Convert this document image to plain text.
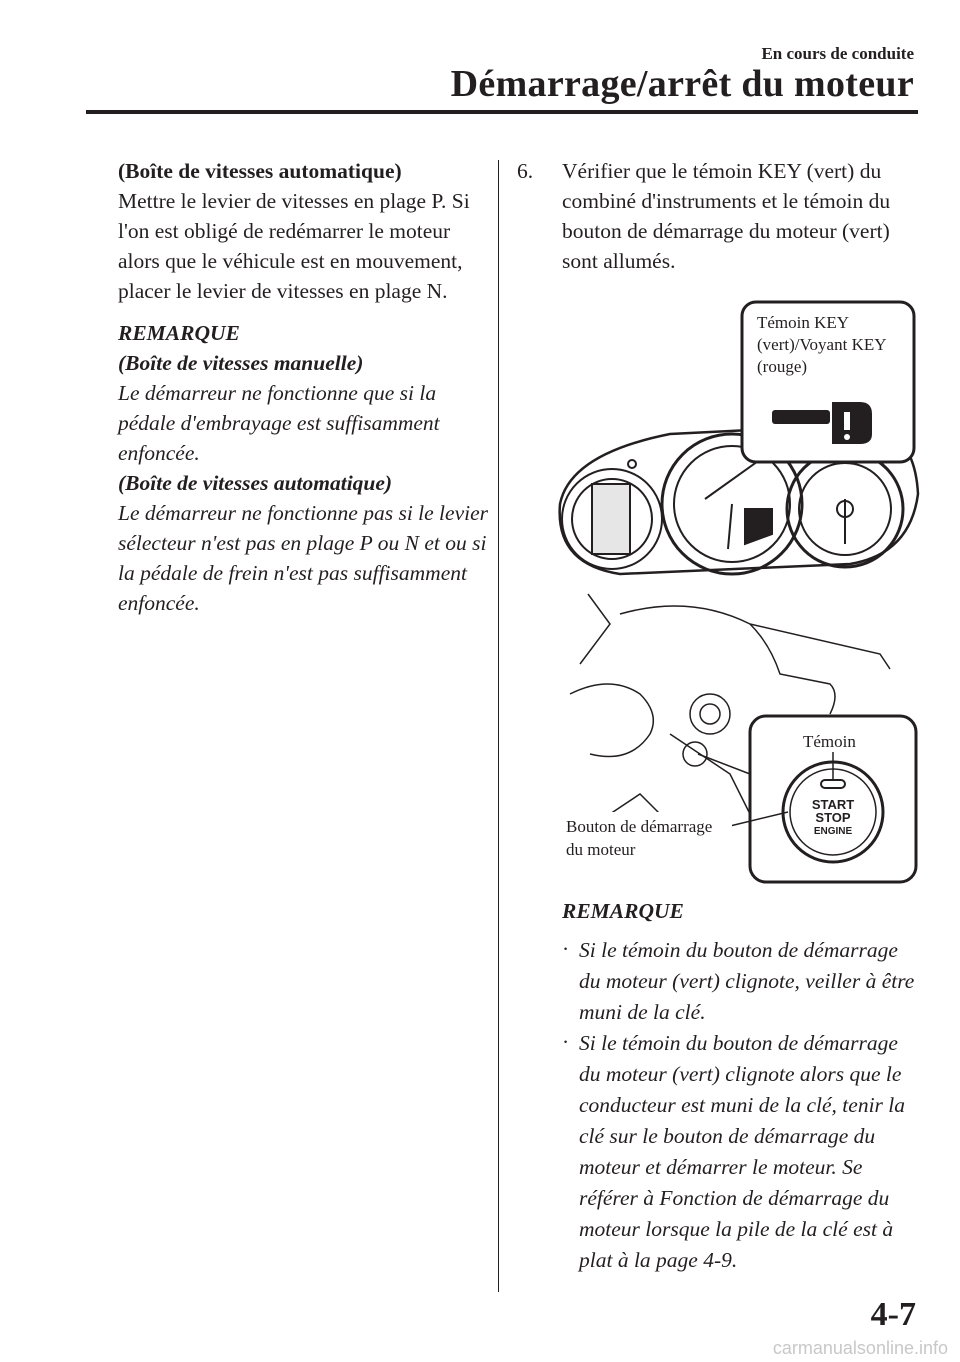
En cours de conduite
Démarrage/arrêt du moteur

(Boîte de vitesses automatique)

Mettre le levier de vitesses en plage P. Si l'on est obligé de redémarrer le moteur alors que le véhicule est en mouvement, placer le levier de vitesses en plage N.

REMARQUE

(Boîte de vitesses manuelle)

Le démarreur ne fonctionne que si la pédale d'embrayage est suffisamment enfoncée.

(Boîte de vitesses automatique)

Le démarreur ne fonctionne pas si le levier sélecteur n'est pas en plage P ou N et ou si la pédale de frein n'est pas suffisamment enfoncée.

6. Vérifier que le témoin KEY (vert) du combiné d'instruments et le témoin du bouton de démarrage du moteur (vert) sont allumés.
Témoin KEY
(vert)/Voyant KEY
(rouge)
START
STOP
ENGINE
Témoin
Bouton de démarrage
du moteur
REMARQUE
· Si le témoin du bouton de démarrage du moteur (vert) clignote, veiller à être muni de la clé.
· Si le témoin du bouton de démarrage du moteur (vert) clignote alors que le conducteur est muni de la clé, tenir la clé sur le bouton de démarrage du moteur et démarrer le moteur. Se référer à Fonction de démarrage du moteur lorsque la pile de la clé est à plat à la page 4-9.
4-7
carmanualsonline.info
